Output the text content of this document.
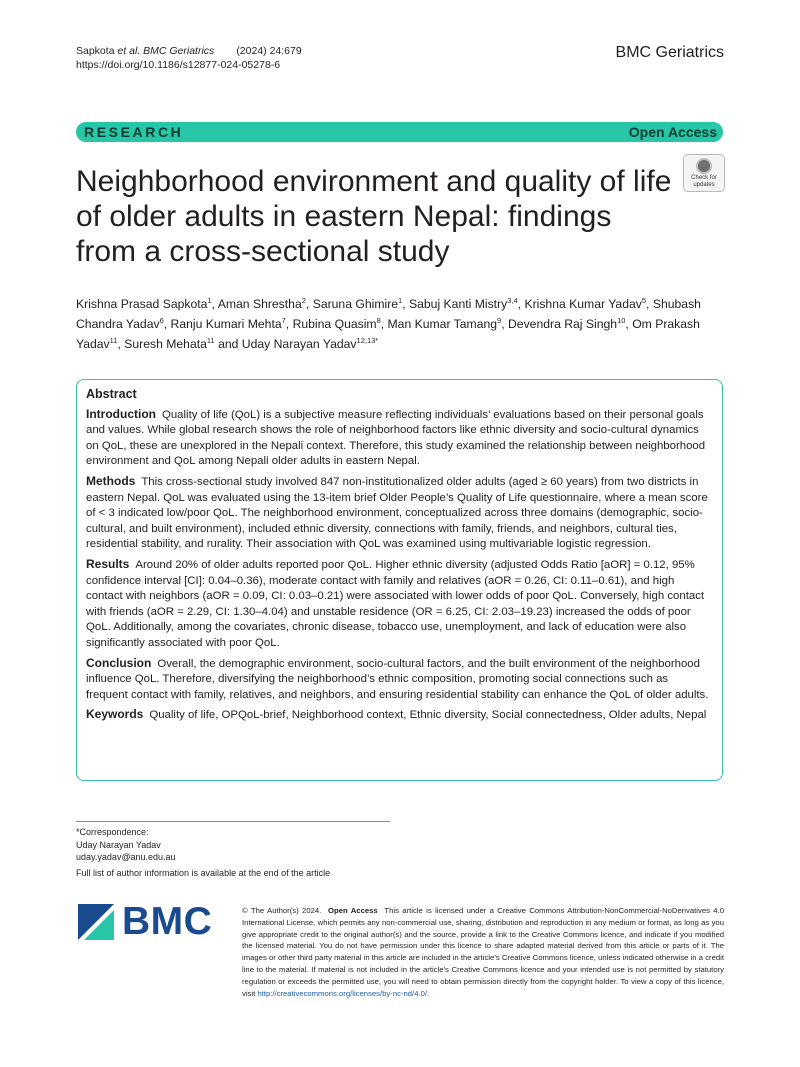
Sapkota et al. BMC Geriatrics (2024) 24:679
https://doi.org/10.1186/s12877-024-05278-6
BMC Geriatrics
RESEARCH	Open Access
Neighborhood environment and quality of life
of older adults in eastern Nepal: findings
from a cross-sectional study
Check for
updates
Krishna Prasad Sapkota$^1$, Aman Shrestha$^2$, Saruna Ghimire$^1$, Sabuj Kanti Mistry$^{3,4}$, Krishna Kumar Yadav$^5$, Shubash Chandra Yadav$^6$, Ranju Kumari Mehta$^7$, Rubina Quasim$^8$, Man Kumar Tamang$^9$, Devendra Raj Singh$^{10}$, Om Prakash Yadav$^{11}$, Suresh Mehata$^{11}$ and Uday Narayan Yadav$^{12,13*}$
Abstract

Introduction Quality of life (QoL) is a subjective measure reflecting individuals’ evaluations based on their personal goals and values. While global research shows the role of neighborhood factors like ethnic diversity and socio-cultural dynamics on QoL, these are unexplored in the Nepali context. Therefore, this study examined the relationship between neighborhood environment and QoL among Nepali older adults in eastern Nepal.

Methods This cross-sectional study involved 847 non-institutionalized older adults (aged ≥ 60 years) from two districts in eastern Nepal. QoL was evaluated using the 13-item brief Older People’s Quality of Life questionnaire, where a mean score of < 3 indicated low/poor QoL. The neighborhood environment, conceptualized across three domains (demographic, socio-cultural, and built environment), included ethnic diversity, connections with family, friends, and neighbors, cultural ties, residential stability, and rurality. Their association with QoL was examined using multivariable logistic regression.

Results Around 20% of older adults reported poor QoL. Higher ethnic diversity (adjusted Odds Ratio [aOR] = 0.12, 95% confidence interval [CI]: 0.04–0.36), moderate contact with family and relatives (aOR = 0.26, CI: 0.11–0.61), and high contact with neighbors (aOR = 0.09, CI: 0.03–0.21) were associated with lower odds of poor QoL. Conversely, high contact with friends (aOR = 2.29, CI: 1.30–4.04) and unstable residence (OR = 6.25, CI: 2.03–19.23) increased the odds of poor QoL. Additionally, among the covariates, chronic disease, tobacco use, unemployment, and lack of education were also significantly associated with poor QoL.

Conclusion Overall, the demographic environment, socio-cultural factors, and the built environment of the neighborhood influence QoL. Therefore, diversifying the neighborhood’s ethnic composition, promoting social connections such as frequent contact with family, relatives, and neighbors, and ensuring residential stability can enhance the QoL of older adults.

Keywords Quality of life, OPQoL-brief, Neighborhood context, Ethnic diversity, Social connectedness, Older adults, Nepal

*Correspondence:
Uday Narayan Yadav
uday.yadav@anu.edu.au
Full list of author information is available at the end of the article
BMC	© The Author(s) 2024. Open Access This article is licensed under a Creative Commons Attribution-NonCommercial-NoDerivatives 4.0 International License, which permits any non-commercial use, sharing, distribution and reproduction in any medium or format, as long as you give appropriate credit to the original author(s) and the source, provide a link to the Creative Commons licence, and indicate if you modified the licensed material. You do not have permission under this licence to share adapted material derived from this article or parts of it. The images or other third party material in this article are included in the article’s Creative Commons licence, unless indicated otherwise in a credit line to the material. If material is not included in the article’s Creative Commons licence and your intended use is not permitted by statutory regulation or exceeds the permitted use, you will need to obtain permission directly from the copyright holder. To view a copy of this licence, visit http://creativecommons.org/licenses/by-nc-nd/4.0/.
